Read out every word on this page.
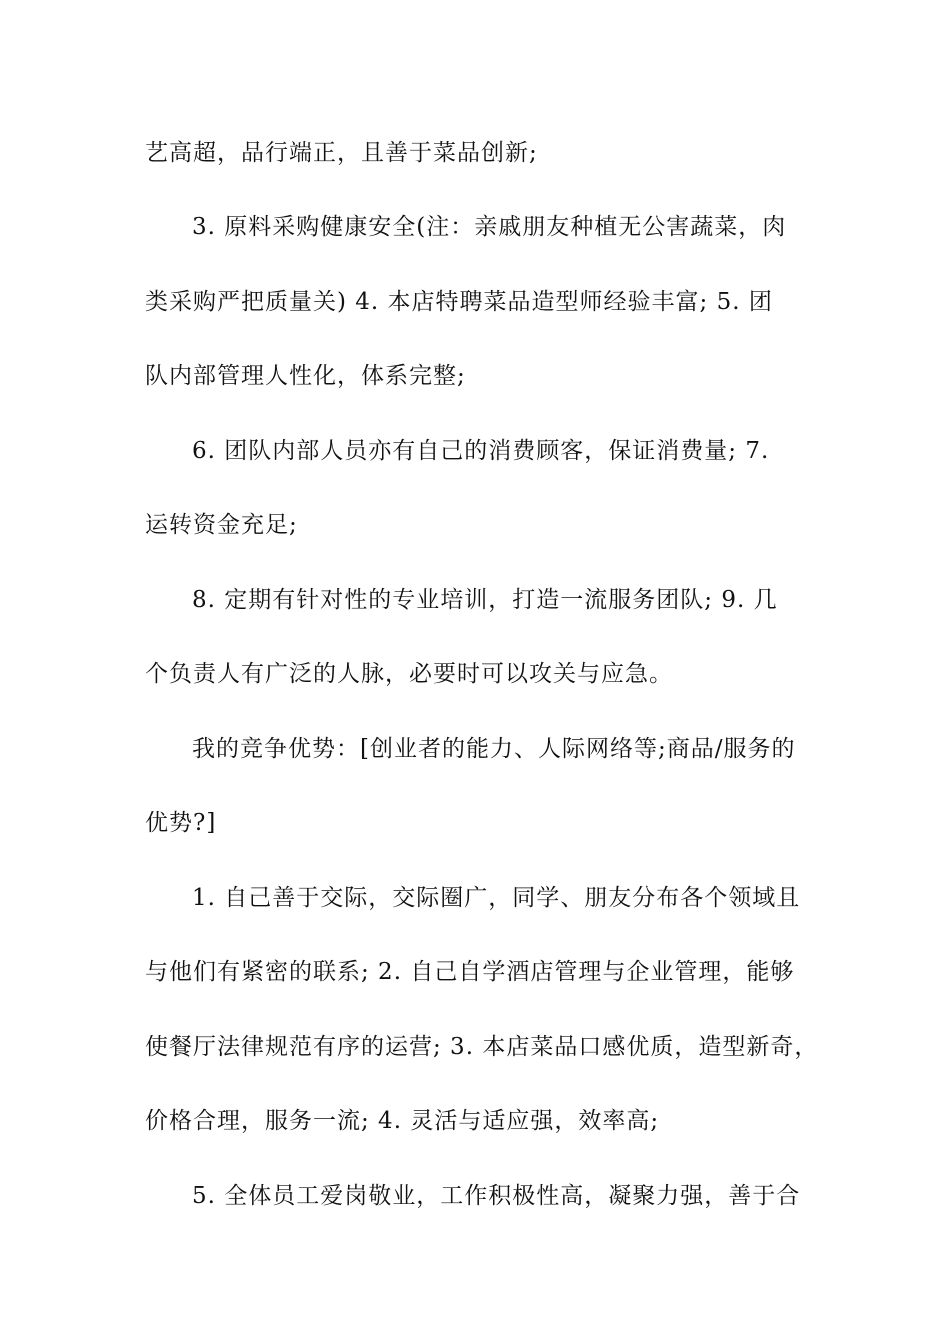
艺高超，品行端正，且善于菜品创新;
3. 原料采购健康安全(注：亲戚朋友种植无公害蔬菜，肉
类采购严把质量关) 4. 本店特聘菜品造型师经验丰富; 5. 团
队内部管理人性化，体系完整;
6. 团队内部人员亦有自己的消费顾客，保证消费量; 7.
运转资金充足;
8. 定期有针对性的专业培训，打造一流服务团队; 9. 几
个负责人有广泛的人脉，必要时可以攻关与应急。
我的竞争优势：[创业者的能力、人际网络等;商品/服务的
优势?]
1. 自己善于交际，交际圈广，同学、朋友分布各个领域且
与他们有紧密的联系; 2. 自己自学酒店管理与企业管理，能够
使餐厅法律规范有序的运营; 3. 本店菜品口感优质，造型新奇，
价格合理，服务一流; 4. 灵活与适应强，效率高;
5. 全体员工爱岗敬业，工作积极性高，凝聚力强，善于合
